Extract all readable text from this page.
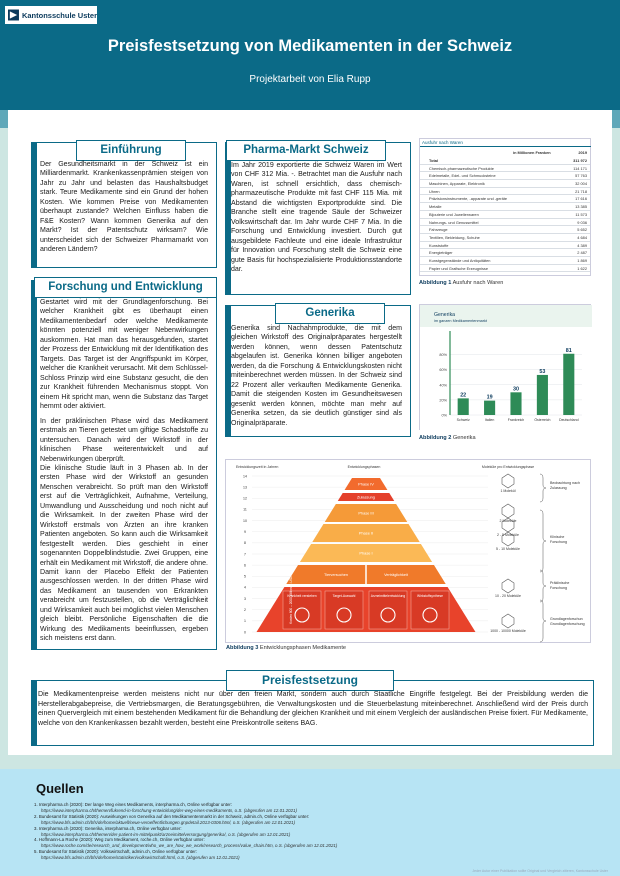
Kantonsschule Uster
Preisfestsetzung von Medikamenten in der Schweiz
Projektarbeit von Elia Rupp
Einführung
Der Gesundheitsmarkt in der Schweiz ist ein Milliardenmarkt. Krankenkassenprämien steigen von Jahr zu Jahr und belasten das Haushaltsbudget stark. Teure Medikamente sind ein Grund der hohen Kosten. Wie kommen Preise von Medikamenten überhaupt zustande? Welchen Einfluss haben die F&E Kosten? Wann kommen Generika auf den Markt? Ist der Patentschutz wirksam? Wie unterscheidet sich der Schweizer Pharmamarkt von anderen Ländern?
Forschung und Entwicklung
Gestartet wird mit der Grundlagenforschung. Bei welcher Krankheit gibt es überhaupt einen Medikamentenbedarf oder welche Medikamente könnten potenziell mit weniger Nebenwirkungen auskommen. Hat man das herausgefunden, startet der Prozess der Entwicklung mit der Identifikation des Targets. Das Target ist der Angriffspunkt im Körper, welcher die Krankheit verursacht. Mit dem Schlüssel-Schloss Prinzip wird eine Substanz gesucht, die den zur Krankheit führenden Mechanismus stoppt. Von einem Hit spricht man, wenn die Substanz das Target hemmt oder aktiviert.
In der präklinischen Phase wird das Medikament erstmals an Tieren getestet um giftige Schadstoffe zu untersuchen. Danach wird der Wirkstoff in der klinischen Phase weiterentwickelt und auf Nebenwirkungen überprüft.
Die klinische Studie läuft in 3 Phasen ab. In der ersten Phase wird der Wirkstoff an gesunden Menschen verabreicht. So prüft man den Wirkstoff erst auf die Verträglichkeit, Aufnahme, Verteilung, Umwandlung und Ausscheidung und noch nicht auf die Wirksamkeit. In der zweiten Phase wird der Wirkstoff erstmals von Ärzten an ihre kranken Patienten angeboten. So kann auch die Wirksamkeit festgestellt werden. Dies geschieht in einer sogenannten Doppelblindstudie. Zwei Gruppen, eine erhält ein Medikament mit Wirkstoff, die andere ohne. Damit kann der Placebo Effekt der Patienten ausgeschlossen werden. In der dritten Phase wird das Medikament an tausenden von Erkrankten verabreicht um festzustellen, ob die Verträglichkeit und Wirksamkeit auch bei möglichst vielen Menschen gleich bleibt. Persönliche Eigenschaften die die Wirkung des Medikaments beeinflussen, ergeben sich meistens erst dann.
Pharma-Markt Schweiz
Im Jahr 2019 exportierte die Schweiz Waren im Wert von CHF 312 Mia. -. Betrachtet man die Ausfuhr nach Waren, ist schnell ersichtlich, dass chemisch-pharmazeutische Produkte mit fast CHF 115 Mia. mit Abstand die wichtigsten Exportprodukte sind. Die Branche stellt eine tragende Säule der Schweizer Volkswirtschaft dar. Im Jahr wurde CHF 7 Mia. In die Forschung und Entwicklung investiert. Durch gut ausgebildete Fachleute und eine ideale Infrastruktur für Innovation und Forschung stellt die Schweiz eine gute Basis für hochspezialisierte Produktionsstandorte dar.
Generika
Generika sind Nachahmprodukte, die mit dem gleichen Wirkstoff des Originalpräparates hergestellt werden können, wenn dessen Patentschutz abgelaufen ist. Generika können billiger angeboten werden, da die Forschung & Entwicklungskosten nicht miteinberechnet werden müssen. In der Schweiz sind 22 Prozent aller verkauften Medikamente Generika. Damit die steigenden Kosten im Gesundheitswesen gesenkt werden können, möchte man mehr auf Generika setzen, da sie deutlich günstiger sind als Originalpräparate.
Ausfuhr nach Waren
in Millionen Franken	2019
Total	311 972
Chemisch-pharmazeutische Produkte	114 171
Edelmetalle, Edel- und Schmucksteine	57 763
Maschinen, Apparate, Elektronik	32 004
Uhren	21 718
Präzisionsinstrumente, -apparate und -geräte	17 616
Metalle	13 385
Bijouterie und Juwelierwaren	11 573
Nahrungs- und Genussmittel	9 036
Fahrzeuge	5 652
Textilien, Bekleidung, Schuhe	4 684
Kunststoffe	4 389
Energieträger	2 487
Kunstgegenstände und Antiquitäten	1 869
Papier und Grafische Erzeugnisse	1 622
Abbildung 1 Ausfuhr nach Waren
Generika
im ganzen Medikamentenmarkt
0%
20%
40%
60%
80%
22
Schweiz
19
Italien
30
Frankreich
53
Österreich
81
Deutschland
Abbildung 2 Generika
Entwicklungszeit in Jahren	Entwicklungsphasen	Moleküle pro Entwicklungsphase
14
13
12
11
10
9
8
7
6
5
4
3
2
1
0
Phase IV
Zulassung
Phase III
Phase II
Phase I
Tierversuchen	Verträglichkeit
Krankheit verstehen	Target-Auswahl	Arzneimittelentwicklung	Wirkstoffsynthese
Kosten 800 – 2000 Millionen USD
1 Molekül
2 Moleküle
2 - 5 Moleküle
5 - 10 Moleküle
10 - 20 Moleküle
1000 - 10000 Moleküle
Beobachtung nach Zulassung
Klinische Forschung
Präklinische Forschung
Grundlagenforschun Grundlagenforschung
Abbildung 3 Entwicklungsphasen Medikamente
Preisfestsetzung
Die Medikamentenpreise werden meistens nicht nur über den freien Markt, sondern auch durch Staatliche Eingriffe festgelegt. Bei der Preisbildung werden die Herstellerabgabepreise, die Vertriebsmargen, die Beratungsgebühren, die Verwaltungskosten und die Steuerbelastung miteinberechnet. Anschließend wird der Preis durch einen Quervergleich mit einem bestehenden Medikament für die Behandlung der gleichen Krankheit und mit einem Vergleich der ausländischen Preise fixiert. Für Medikamente, welche von den Krankenkassen bezahlt werden, besteht eine Preiskontrolle seitens BAG.
Quellen
1. Interpharma.ch (2020): Der lange Weg eines Medikaments, interpharma.ch, Online verfügbar unter:
https://www.interpharma.ch/themen/fukrend-in-forschung-entwicklung/der-weg-eines-medikaments, o.S. (abgerufen am 12.01.2021)
2. Bundesamt für Statistik (2020): Auswirkungen von Generika auf den Medikamentenmarkt in der Schweiz, admin.ch, Online verfügbar unter:
https://www.bfs.admin.ch/bfs/de/home/aktuell/neue-veroeffentlichungen.gnpdetail.2013-0306.html, o.S. (abgerufen am 12.01.2021)
3. Interpharma.ch (2020): Generika, interpharma.ch, Online verfügbar unter:
https://www.interpharma.ch/themen/der-patient-im-mittelpunkt/arzneimittelversorgung/generika/, o.S. (abgerufen am 12.01.2021)
4. Hoffmann-La Roche (2020): Weg zum Medikament, roche.ch, Online verfügbar unter:
https://www.roche.com/de/research_and_development/who_we_are_how_we_work/research_process/value_chain.htm, o.S. (abgerufen am 12.01.2021)
5. Bundesamt für Statistik (2020): Volkswirtschaft, admin.ch, Online verfügbar unter:
https://www.bfs.admin.ch/bfs/de/home/statistiken/volkswirtschaft.html, o.S. (abgerufen am 12.01.2021)
Jeder Autor einer Publikation sollte Original und Vergleich zitieren, Kantonsschule Uster
